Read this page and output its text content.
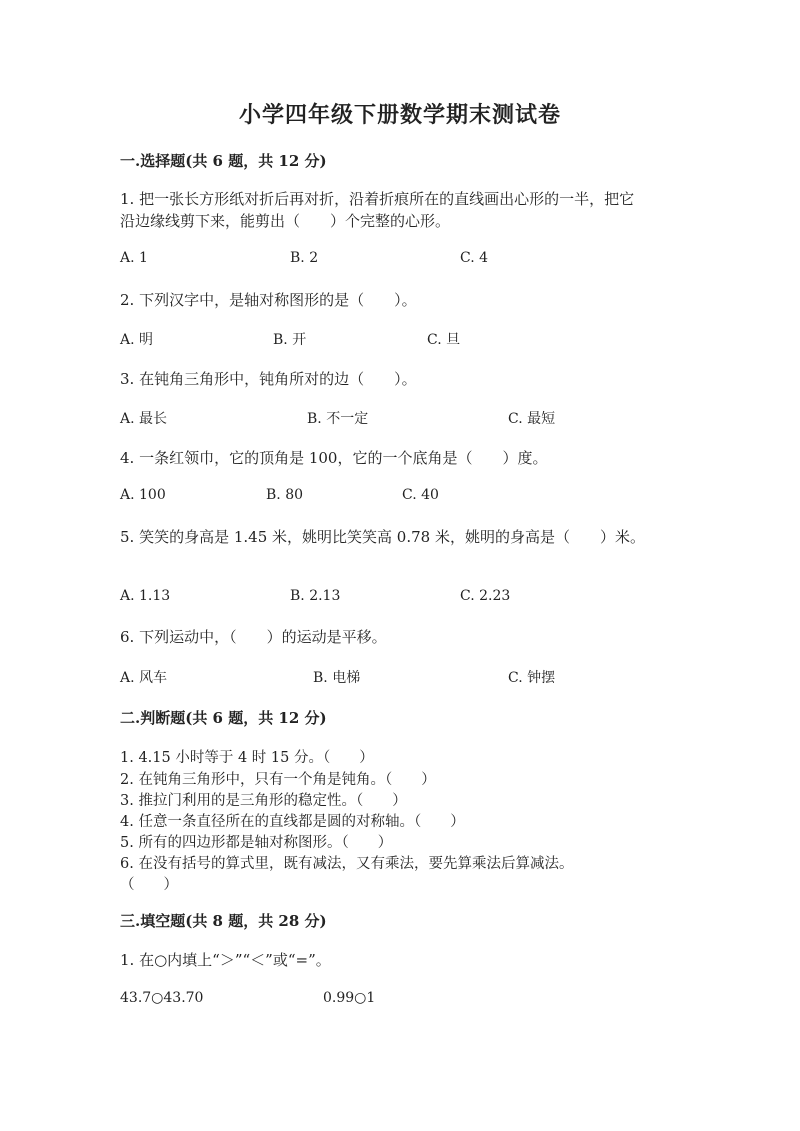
小学四年级下册数学期末测试卷
一.选择题(共 6 题，共 12 分)
1. 把一张长方形纸对折后再对折，沿着折痕所在的直线画出心形的一半，把它
沿边缘线剪下来，能剪出（　　）个完整的心形。
A. 1	B. 2	C. 4
2. 下列汉字中，是轴对称图形的是（　　）。
A. 明	B. 开	C. 旦
3. 在钝角三角形中，钝角所对的边（　　）。
A. 最长	B. 不一定	C. 最短
4. 一条红领巾，它的顶角是 100，它的一个底角是（　　）度。
A. 100	B. 80	C. 40
5. 笑笑的身高是 1.45 米，姚明比笑笑高 0.78 米，姚明的身高是（　　）米。
A. 1.13	B. 2.13	C. 2.23
6. 下列运动中，（　　）的运动是平移。
A. 风车	B. 电梯	C. 钟摆
二.判断题(共 6 题，共 12 分)
1. 4.15 小时等于 4 时 15 分。（　　）
2. 在钝角三角形中，只有一个角是钝角。（　　）
3. 推拉门利用的是三角形的稳定性。（　　）
4. 任意一条直径所在的直线都是圆的对称轴。（　　）
5. 所有的四边形都是轴对称图形。（　　）
6. 在没有括号的算式里，既有减法，又有乘法，要先算乘法后算减法。
（　　）
三.填空题(共 8 题，共 28 分)
1. 在○内填上“＞”“＜”或“=”。
43.7○43.70	0.99○1
